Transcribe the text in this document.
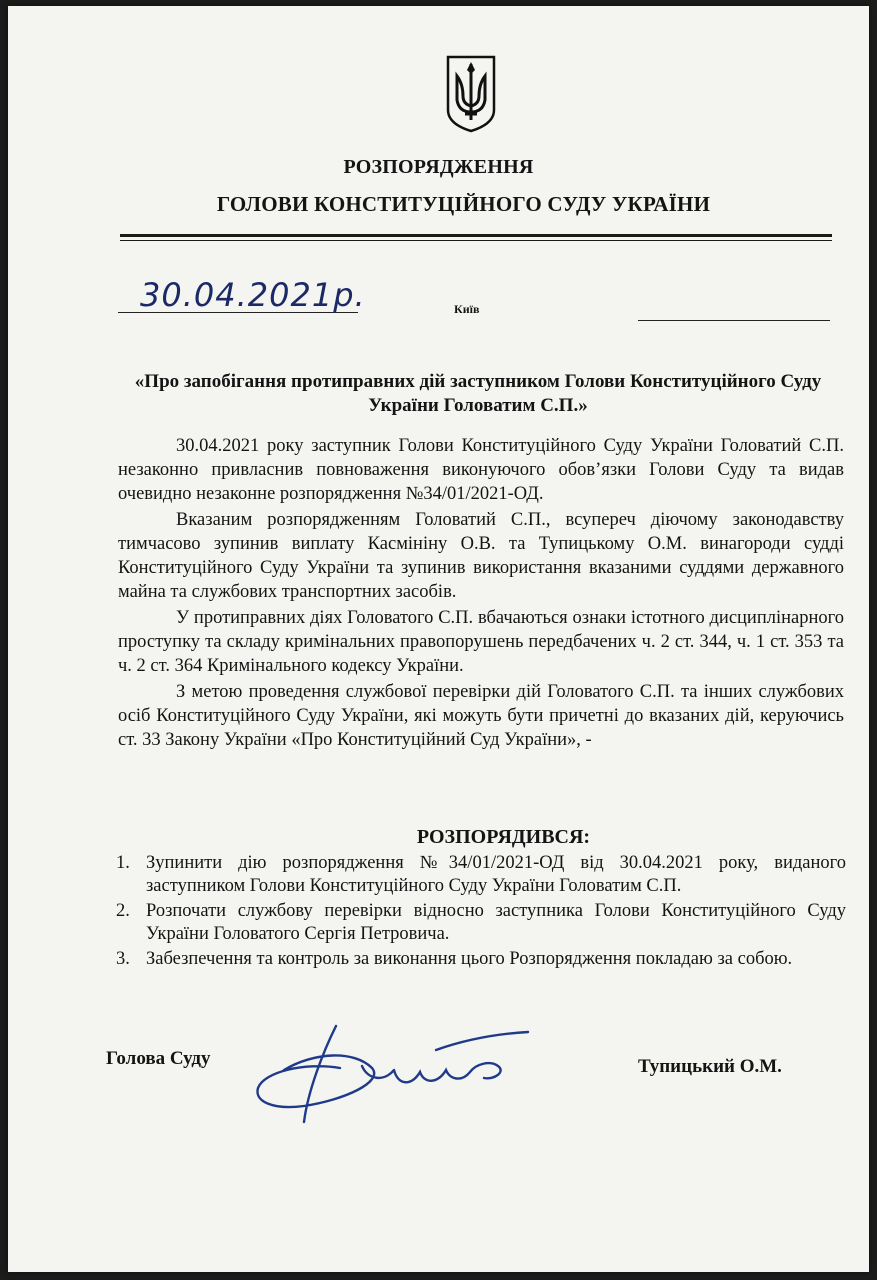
РОЗПОРЯДЖЕННЯ
ГОЛОВИ КОНСТИТУЦІЙНОГО СУДУ УКРАЇНИ
30.04.2021р.	Київ
«Про запобігання протиправних дій заступником Голови Конституційного Суду України Головатим С.П.»

30.04.2021 року заступник Голови Конституційного Суду України Головатий С.П. незаконно привласнив повноваження виконуючого обов’язки Голови Суду та видав очевидно незаконне розпорядження №34/01/2021-ОД.

Вказаним розпорядженням Головатий С.П., всупереч діючому законодавству тимчасово зупинив виплату Касмініну О.В. та Тупицькому О.М. винагороди судді Конституційного Суду України та зупинив використання вказаними суддями державного майна та службових транспортних засобів.

У протиправних діях Головатого С.П. вбачаються ознаки істотного дисциплінарного проступку та складу кримінальних правопорушень передбачених ч. 2 ст. 344, ч. 1 ст. 353 та ч. 2 ст. 364 Кримінального кодексу України.

З метою проведення службової перевірки дій Головатого С.П. та інших службових осіб Конституційного Суду України, які можуть бути причетні до вказаних дій, керуючись ст. 33 Закону України «Про Конституційний Суд України», -

РОЗПОРЯДИВСЯ:
1. Зупинити дію розпорядження №34/01/2021-ОД від 30.04.2021 року, виданого заступником Голови Конституційного Суду України Головатим С.П.
2. Розпочати службову перевірки відносно заступника Голови Конституційного Суду України Головатого Сергія Петровича.
3. Забезпечення та контроль за виконання цього Розпорядження покладаю за собою.
Голова Суду	Тупицький О.М.
